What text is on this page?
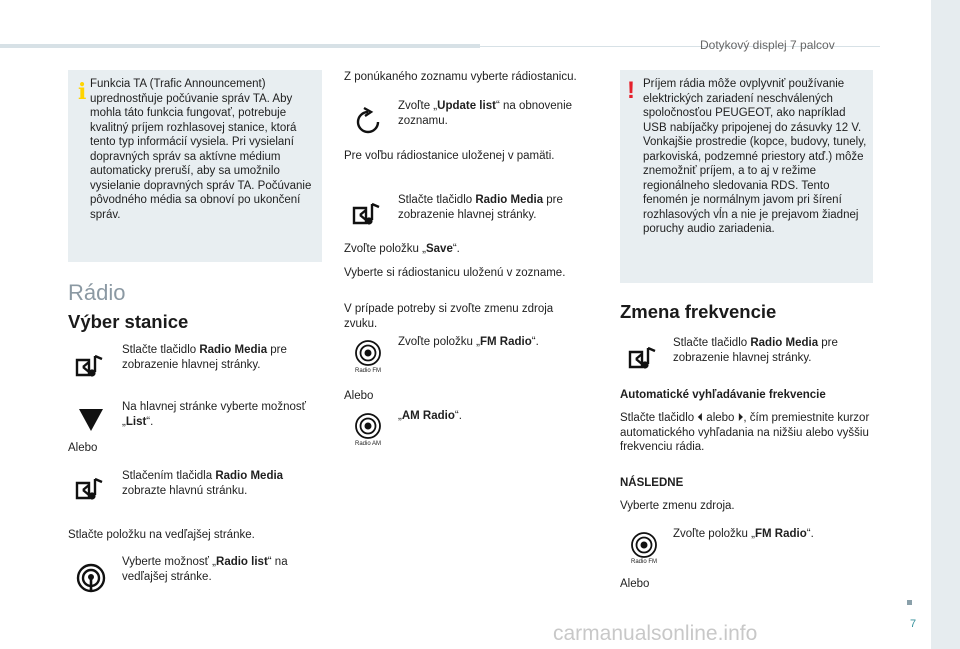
Dotykový displej 7 palcov
i Funkcia TA (Trafic Announcement) uprednostňuje počúvanie správ TA. Aby mohla táto funkcia fungovať, potrebuje kvalitný príjem rozhlasovej stanice, ktorá tento typ informácií vysiela. Pri vysielaní dopravných správ sa aktívne médium automaticky preruší, aby sa umožnilo vysielanie dopravných správ TA. Počúvanie pôvodného média sa obnoví po ukončení správ.
Rádio
Výber stanice
Stlačte tlačidlo Radio Media pre zobrazenie hlavnej stránky.
Na hlavnej stránke vyberte možnosť „List“.
Alebo
Stlačením tlačidla Radio Media zobrazte hlavnú stránku.
Stlačte položku na vedľajšej stránke.
Vyberte možnosť „Radio list“ na vedľajšej stránke.
Z ponúkaného zoznamu vyberte rádiostanicu.
Zvoľte „Update list“ na obnovenie zoznamu.
Pre voľbu rádiostanice uloženej v pamäti.
Stlačte tlačidlo Radio Media pre zobrazenie hlavnej stránky.
Zvoľte položku „Save“.
Vyberte si rádiostanicu uloženú v zozname.
V prípade potreby si zvoľte zmenu zdroja zvuku.
Radio FM
Zvoľte položku „FM Radio“.
Alebo
Radio AM
„AM Radio“.
! Príjem rádia môže ovplyvniť používanie elektrických zariadení neschválených spoločnosťou PEUGEOT, ako napríklad USB nabíjačky pripojenej do zásuvky 12 V. Vonkajšie prostredie (kopce, budovy, tunely, parkoviská, podzemné priestory atď.) môže znemožniť príjem, a to aj v režime regionálneho sledovania RDS. Tento fenomén je normálnym javom pri šírení rozhlasových vĺn a nie je prejavom žiadnej poruchy audio zariadenia.
Zmena frekvencie
Stlačte tlačidlo Radio Media pre zobrazenie hlavnej stránky.
Automatické vyhľadávanie frekvencie
Stlačte tlačidlo ⏴ alebo ⏵, čím premiestnite kurzor automatického vyhľadania na nižšiu alebo vyššiu frekvenciu rádia.
NÁSLEDNE
Vyberte zmenu zdroja.
Radio FM
Zvoľte položku „FM Radio“.
Alebo
7
carmanualsonline.info
